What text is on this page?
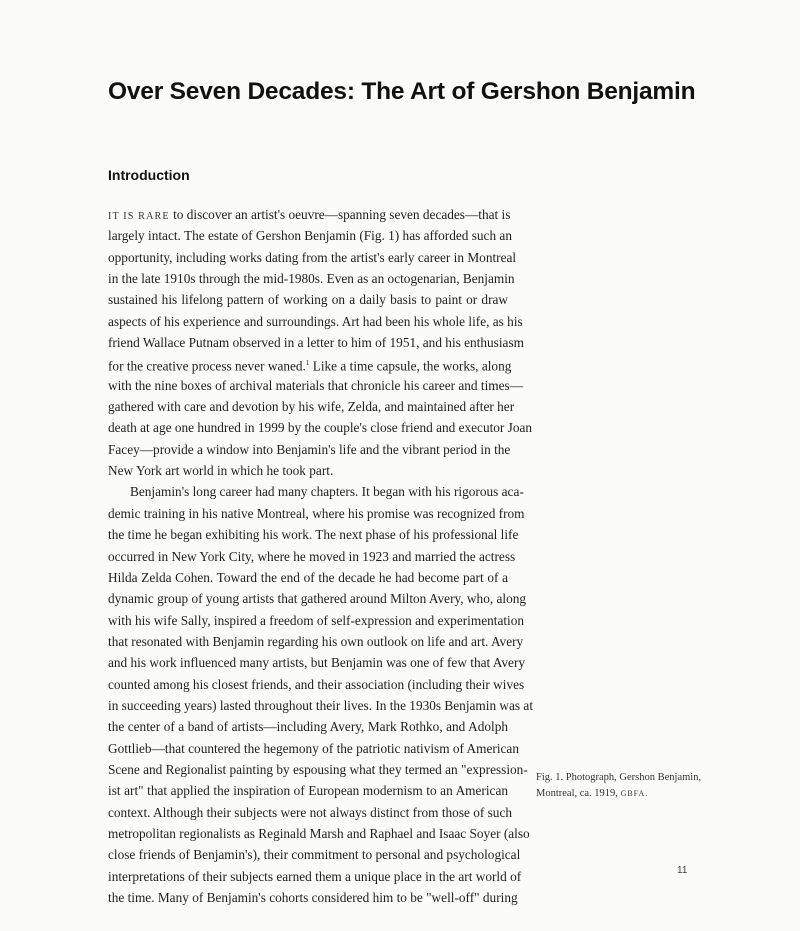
Over Seven Decades: The Art of Gershon Benjamin
Introduction
IT IS RARE to discover an artist's oeuvre—spanning seven decades—that is
largely intact. The estate of Gershon Benjamin (Fig. 1) has afforded such an
opportunity, including works dating from the artist's early career in Montreal
in the late 1910s through the mid-1980s. Even as an octogenarian, Benjamin
sustained his lifelong pattern of working on a daily basis to paint or draw
aspects of his experience and surroundings. Art had been his whole life, as his
friend Wallace Putnam observed in a letter to him of 1951, and his enthusiasm
for the creative process never waned.$^1$ Like a time capsule, the works, along
with the nine boxes of archival materials that chronicle his career and times—
gathered with care and devotion by his wife, Zelda, and maintained after her
death at age one hundred in 1999 by the couple's close friend and executor Joan
Facey—provide a window into Benjamin's life and the vibrant period in the
New York art world in which he took part.
Benjamin's long career had many chapters. It began with his rigorous aca-
demic training in his native Montreal, where his promise was recognized from
the time he began exhibiting his work. The next phase of his professional life
occurred in New York City, where he moved in 1923 and married the actress
Hilda Zelda Cohen. Toward the end of the decade he had become part of a
dynamic group of young artists that gathered around Milton Avery, who, along
with his wife Sally, inspired a freedom of self-expression and experimentation
that resonated with Benjamin regarding his own outlook on life and art. Avery
and his work influenced many artists, but Benjamin was one of few that Avery
counted among his closest friends, and their association (including their wives
in succeeding years) lasted throughout their lives. In the 1930s Benjamin was at
the center of a band of artists—including Avery, Mark Rothko, and Adolph
Gottlieb—that countered the hegemony of the patriotic nativism of American
Scene and Regionalist painting by espousing what they termed an "expression-
ist art" that applied the inspiration of European modernism to an American
context. Although their subjects were not always distinct from those of such
metropolitan regionalists as Reginald Marsh and Raphael and Isaac Soyer (also
close friends of Benjamin's), their commitment to personal and psychological
interpretations of their subjects earned them a unique place in the art world of
the time. Many of Benjamin's cohorts considered him to be "well-off" during
Fig. 1. Photograph, Gershon Benjamin,
Montreal, ca. 1919, GBFA.
11
